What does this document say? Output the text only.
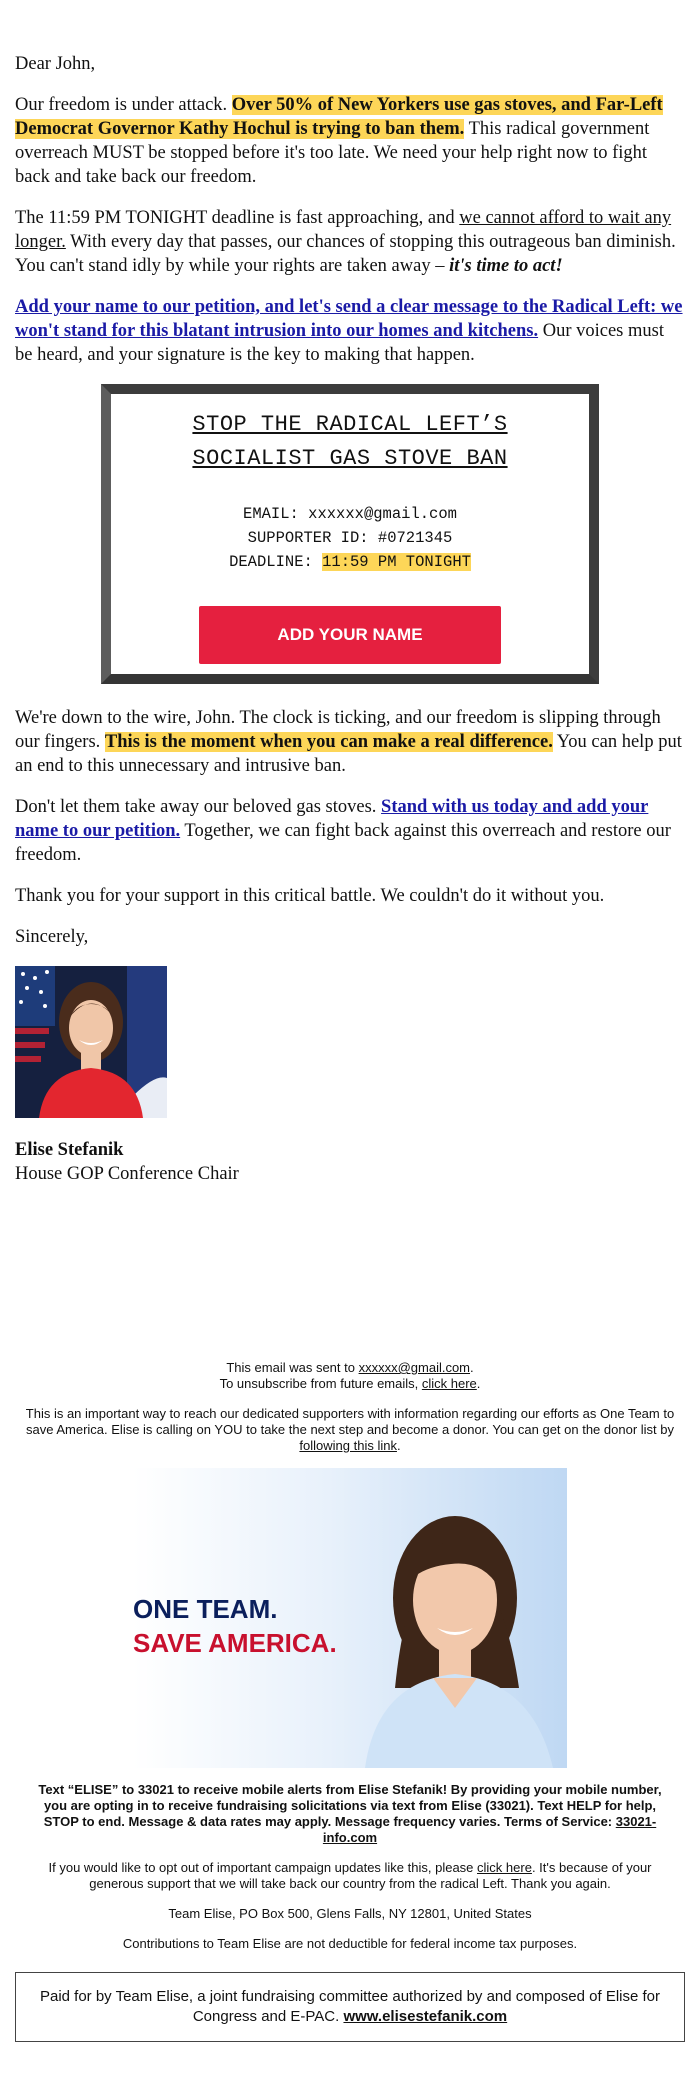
Dear John,

Our freedom is under attack. Over 50% of New Yorkers use gas stoves, and Far-Left Democrat Governor Kathy Hochul is trying to ban them. This radical government overreach MUST be stopped before it's too late. We need your help right now to fight back and take back our freedom.

The 11:59 PM TONIGHT deadline is fast approaching, and we cannot afford to wait any longer. With every day that passes, our chances of stopping this outrageous ban diminish. You can't stand idly by while your rights are taken away – it's time to act!

Add your name to our petition, and let's send a clear message to the Radical Left: we won't stand for this blatant intrusion into our homes and kitchens. Our voices must be heard, and your signature is the key to making that happen.

STOP THE RADICAL LEFT’S
SOCIALIST GAS STOVE BAN
EMAIL: xxxxxx@gmail.com
SUPPORTER ID: #0721345
DEADLINE: 11:59 PM TONIGHT
ADD YOUR NAME

We're down to the wire, John. The clock is ticking, and our freedom is slipping through our fingers. This is the moment when you can make a real difference. You can help put an end to this unnecessary and intrusive ban.

Don't let them take away our beloved gas stoves. Stand with us today and add your name to our petition. Together, we can fight back against this overreach and restore our freedom.

Thank you for your support in this critical battle. We couldn't do it without you.

Sincerely,

Elise Stefanik

House GOP Conference Chair

This email was sent to xxxxxx@gmail.com.
To unsubscribe from future emails, click here.

This is an important way to reach our dedicated supporters with information regarding our efforts as One Team to save America. Elise is calling on YOU to take the next step and become a donor. You can get on the donor list by following this link.

ONE TEAM.
SAVE AMERICA.

Text “ELISE” to 33021 to receive mobile alerts from Elise Stefanik! By providing your mobile number, you are opting in to receive fundraising solicitations via text from Elise (33021). Text HELP for help, STOP to end. Message & data rates may apply. Message frequency varies. Terms of Service: 33021-info.com

If you would like to opt out of important campaign updates like this, please click here. It's because of your generous support that we will take back our country from the radical Left. Thank you again.

Team Elise, PO Box 500, Glens Falls, NY 12801, United States

Contributions to Team Elise are not deductible for federal income tax purposes.

Paid for by Team Elise, a joint fundraising committee authorized by and composed of Elise for Congress and E-PAC. www.elisestefanik.com
